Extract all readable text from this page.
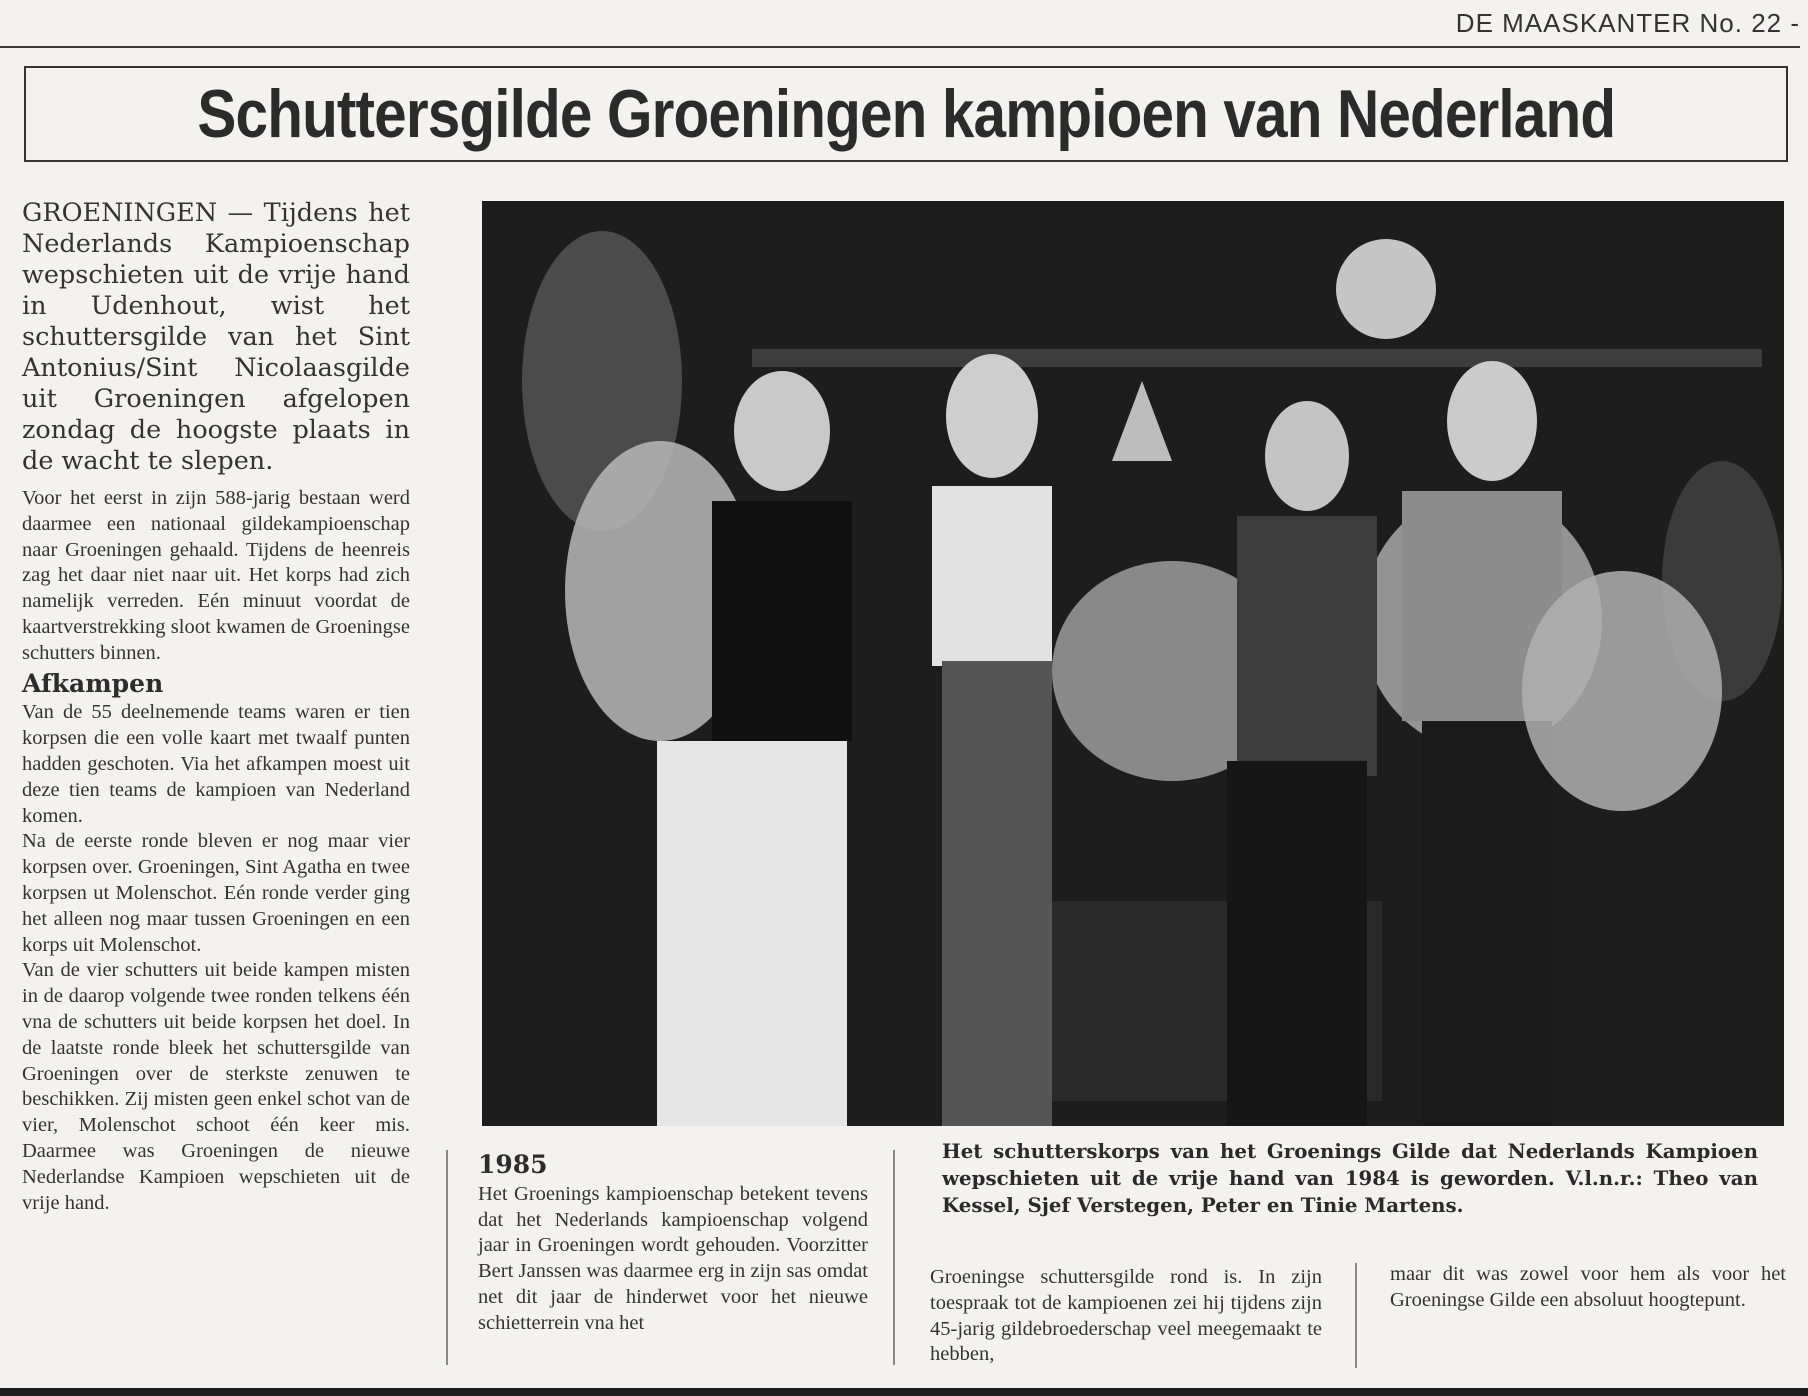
DE MAASKANTER No. 22 -
Schuttersgilde Groeningen kampioen van Nederland

GROENINGEN — Tijdens het Nederlands Kampioenschap wepschieten uit de vrije hand in Udenhout, wist het schuttersgilde van het Sint Antonius/Sint Nicolaasgilde uit Groeningen afgelopen zondag de hoogste plaats in de wacht te slepen.

Voor het eerst in zijn 588-jarig bestaan werd daarmee een nationaal gildekampioenschap naar Groeningen gehaald. Tijdens de heenreis zag het daar niet naar uit. Het korps had zich namelijk verreden. Eén minuut voordat de kaartverstrekking sloot kwamen de Groeningse schutters binnen.

Afkampen

Van de 55 deelnemende teams waren er tien korpsen die een volle kaart met twaalf punten hadden geschoten. Via het afkampen moest uit deze tien teams de kampioen van Nederland komen.

Na de eerste ronde bleven er nog maar vier korpsen over. Groeningen, Sint Agatha en twee korpsen ut Molenschot. Eén ronde verder ging het alleen nog maar tussen Groeningen en een korps uit Molenschot.

Van de vier schutters uit beide kampen misten in de daarop volgende twee ronden telkens één vna de schutters uit beide korpsen het doel. In de laatste ronde bleek het schuttersgilde van Groeningen over de sterkste zenuwen te beschikken. Zij misten geen enkel schot van de vier, Molenschot schoot één keer mis. Daarmee was Groeningen de nieuwe Nederlandse Kampioen wepschieten uit de vrije hand.

1985

Het Groenings kampioenschap betekent tevens dat het Nederlands kampioenschap volgend jaar in Groeningen wordt gehouden. Voorzitter Bert Janssen was daarmee erg in zijn sas omdat net dit jaar de hinderwet voor het nieuwe schietterrein vna het

Het schutterskorps van het Groenings Gilde dat Nederlands Kampioen wepschieten uit de vrije hand van 1984 is geworden. V.l.n.r.: Theo van Kessel, Sjef Verstegen, Peter en Tinie Martens.

Groeningse schuttersgilde rond is. In zijn toespraak tot de kampioenen zei hij tijdens zijn 45-jarig gildebroederschap veel meegemaakt te hebben,

maar dit was zowel voor hem als voor het Groeningse Gilde een absoluut hoogtepunt.
